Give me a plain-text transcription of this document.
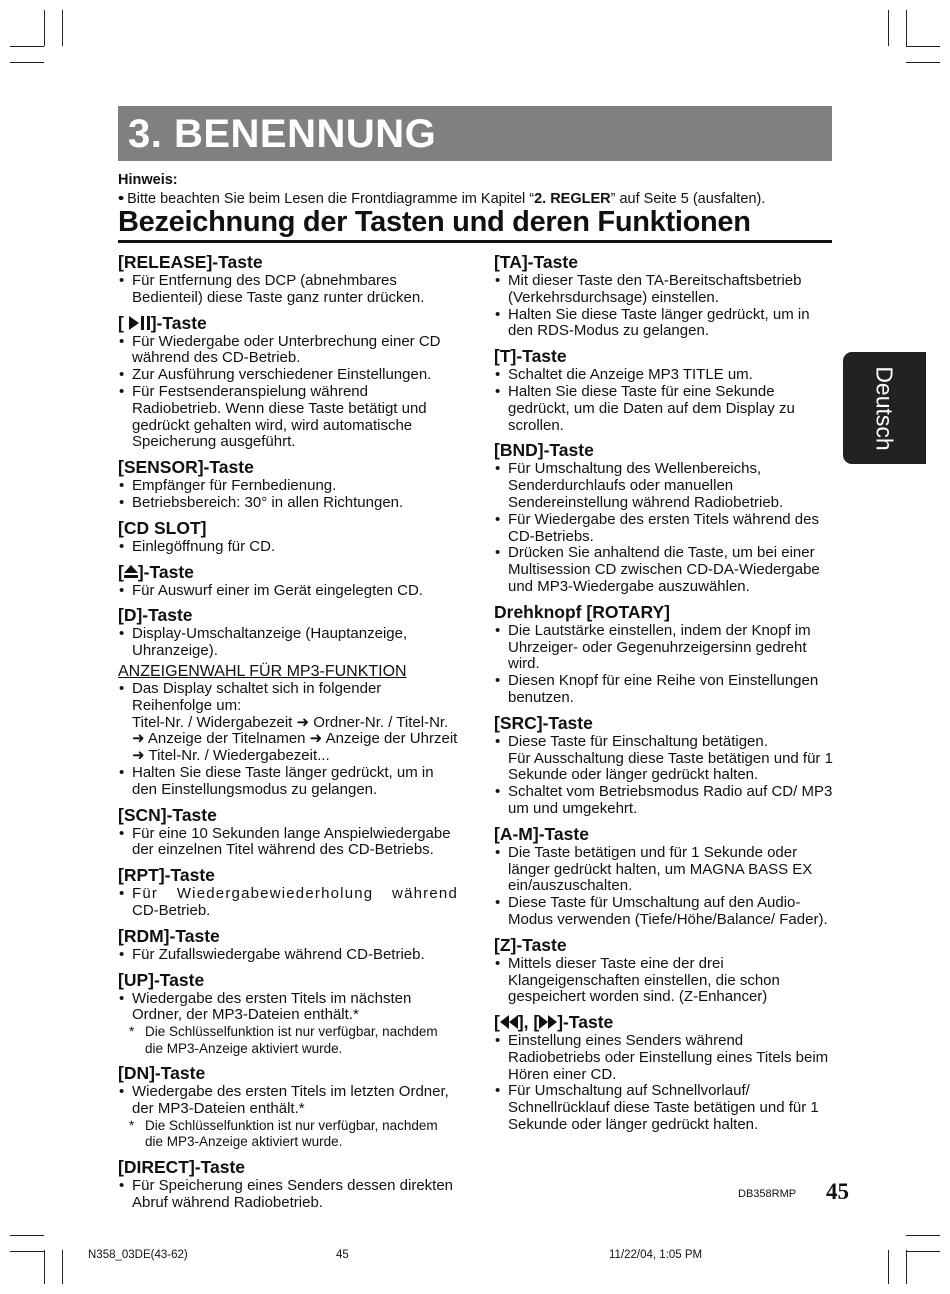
3. BENENNUNG
Hinweis:
• • Bitte beachten Sie beim Lesen die Frontdiagramme im Kapitel “2. REGLER” auf Seite 5 (ausfalten).
Bezeichnung der Tasten und deren Funktionen
Deutsch
[RELEASE]-Taste
• Für Entfernung des DCP (abnehmbares Bedienteil) diese Taste ganz runter drücken.
[ ]-Taste
• Für Wiedergabe oder Unterbrechung einer CD während des CD-Betrieb.
• Zur Ausführung verschiedener Einstellungen.
• Für Festsenderanspielung während Radiobetrieb. Wenn diese Taste betätigt und gedrückt gehalten wird, wird automatische Speicherung ausgeführt.
[SENSOR]-Taste
• Empfänger für Fernbedienung.
• Betriebsbereich: 30° in allen Richtungen.
[CD SLOT]
• Einlegöffnung für CD.
[ ]-Taste
• Für Auswurf einer im Gerät eingelegten CD.
[D]-Taste
• Display-Umschaltanzeige (Hauptanzeige, Uhranzeige).
ANZEIGENWAHL FÜR MP3-FUNKTION
• Das Display schaltet sich in folgender Reihenfolge um:
Titel-Nr. / Widergabezeit ➜ Ordner-Nr. / Titel-Nr. ➜ Anzeige der Titelnamen ➜ Anzeige der Uhrzeit ➜ Titel-Nr. / Wiedergabezeit...
• Halten Sie diese Taste länger gedrückt, um in den Einstellungsmodus zu gelangen.
[SCN]-Taste
• Für eine 10 Sekunden lange Anspielwiedergabe der einzelnen Titel während des CD-Betriebs.
[RPT]-Taste
• Für Wiedergabewiederholung während
CD-Betrieb.
[RDM]-Taste
• Für Zufallswiedergabe während CD-Betrieb.
[UP]-Taste
• Wiedergabe des ersten Titels im nächsten Ordner, der MP3-Dateien enthält.*
* Die Schlüsselfunktion ist nur verfügbar, nachdem die MP3-Anzeige aktiviert wurde.
[DN]-Taste
• Wiedergabe des ersten Titels im letzten Ordner, der MP3-Dateien enthält.*
* Die Schlüsselfunktion ist nur verfügbar, nachdem die MP3-Anzeige aktiviert wurde.
[DIRECT]-Taste
• Für Speicherung eines Senders dessen direkten Abruf während Radiobetrieb.
[TA]-Taste
• Mit dieser Taste den TA-Bereitschaftsbetrieb (Verkehrsdurchsage) einstellen.
• Halten Sie diese Taste länger gedrückt, um in den RDS-Modus zu gelangen.
[T]-Taste
• Schaltet die Anzeige MP3 TITLE um.
• Halten Sie diese Taste für eine Sekunde gedrückt, um die Daten auf dem Display zu scrollen.
[BND]-Taste
• Für Umschaltung des Wellenbereichs, Senderdurchlaufs oder manuellen Sendereinstellung während Radiobetrieb.
• Für Wiedergabe des ersten Titels während des CD-Betriebs.
• Drücken Sie anhaltend die Taste, um bei einer Multisession CD zwischen CD-DA-Wiedergabe und MP3-Wiedergabe auszuwählen.
Drehknopf [ROTARY]
• Die Lautstärke einstellen, indem der Knopf im Uhrzeiger- oder Gegenuhrzeigersinn gedreht wird.
• Diesen Knopf für eine Reihe von Einstellungen benutzen.
[SRC]-Taste
• Diese Taste für Einschaltung betätigen.
Für Ausschaltung diese Taste betätigen und für 1 Sekunde oder länger gedrückt halten.
• Schaltet vom Betriebsmodus Radio auf CD/ MP3 um und umgekehrt.
[A-M]-Taste
• Die Taste betätigen und für 1 Sekunde oder länger gedrückt halten, um MAGNA BASS EX ein/auszuschalten.
• Diese Taste für Umschaltung auf den Audio-Modus verwenden (Tiefe/Höhe/Balance/ Fader).
[Z]-Taste
• Mittels dieser Taste eine der drei Klangeigenschaften einstellen, die schon gespeichert worden sind. (Z-Enhancer)
[ ], [ ]-Taste
• Einstellung eines Senders während Radiobetriebs oder Einstellung eines Titels beim Hören einer CD.
• Für Umschaltung auf Schnellvorlauf/ Schnellrücklauf diese Taste betätigen und für 1 Sekunde oder länger gedrückt halten.
DB358RMP 45
N358_03DE(43-62)	45	11/22/04, 1:05 PM
